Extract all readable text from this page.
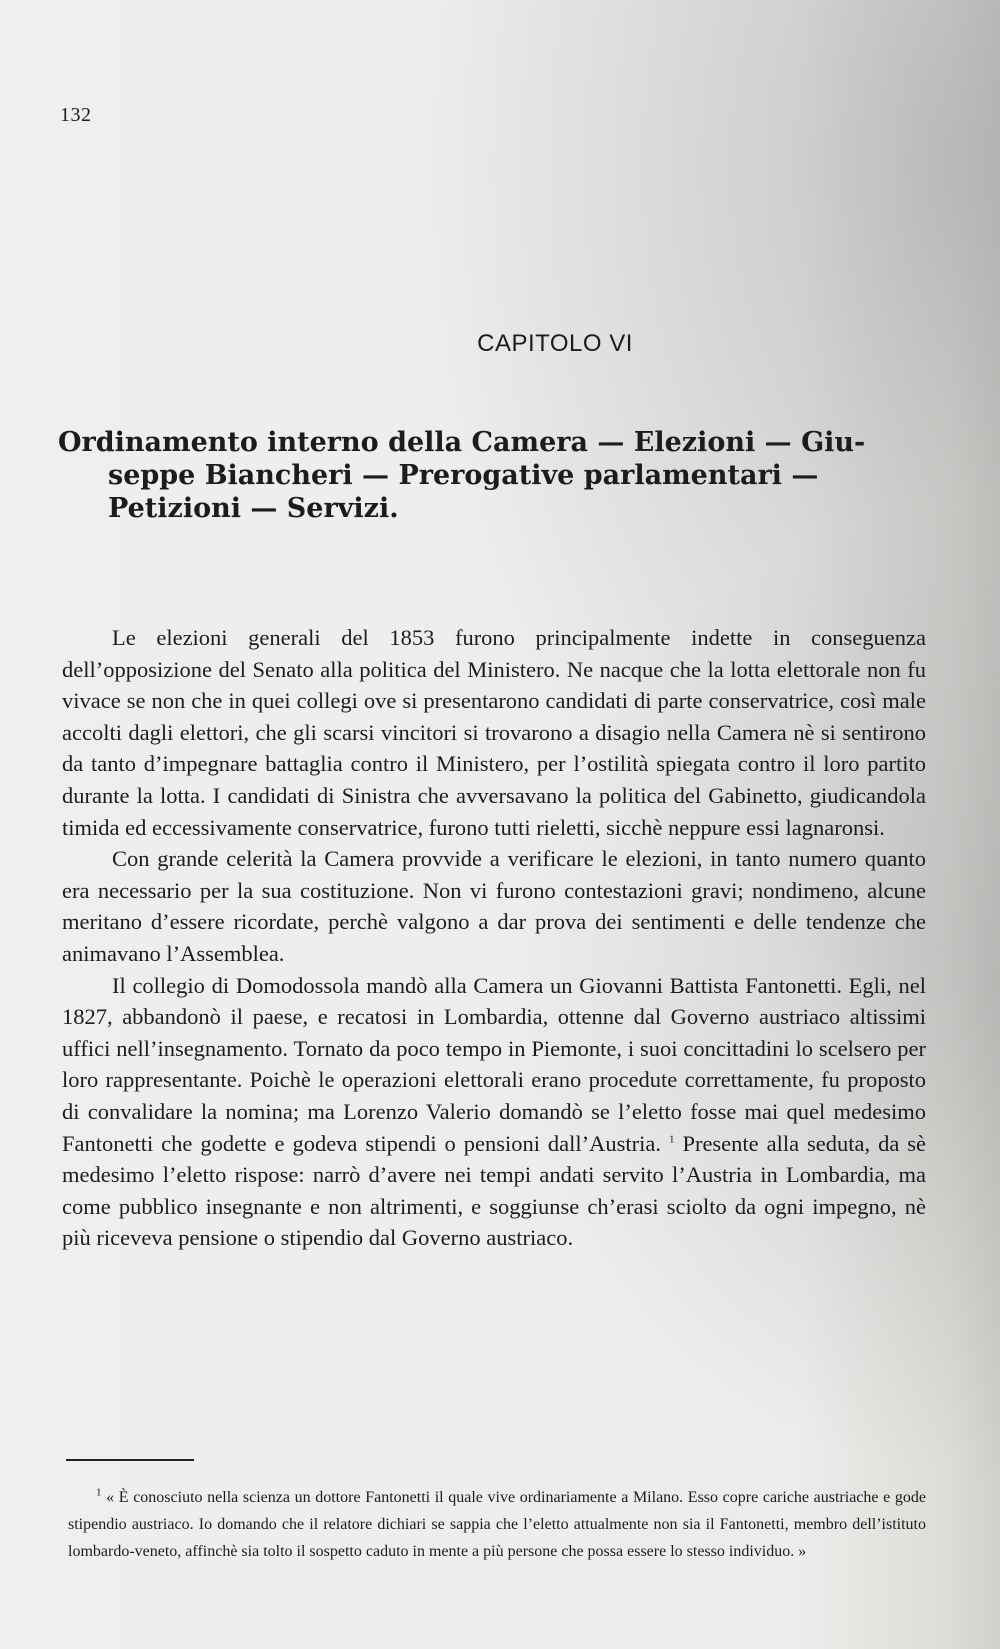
132
CAPITOLO VI
Ordinamento interno della Camera — Elezioni — Giu-
seppe Biancheri — Prerogative parlamentari —
Petizioni — Servizi.

Le elezioni generali del 1853 furono principalmente indette in conseguenza dell’opposizione del Senato alla politica del Ministero. Ne nacque che la lotta elettorale non fu vivace se non che in quei collegi ove si presentarono candidati di parte conservatrice, così male accolti dagli elettori, che gli scarsi vincitori si trovarono a disagio nella Camera nè si sentirono da tanto d’impegnare battaglia contro il Ministero, per l’ostilità spiegata contro il loro partito durante la lotta. I candidati di Sinistra che avversavano la politica del Gabinetto, giudicandola timida ed eccessivamente conservatrice, furono tutti rieletti, sicchè neppure essi lagnaronsi.

Con grande celerità la Camera provvide a verificare le elezioni, in tanto numero quanto era necessario per la sua costituzione. Non vi furono contestazioni gravi; nondimeno, alcune meritano d’essere ricordate, perchè valgono a dar prova dei sentimenti e delle tendenze che animavano l’Assemblea.

Il collegio di Domodossola mandò alla Camera un Giovanni Battista Fantonetti. Egli, nel 1827, abbandonò il paese, e recatosi in Lombardia, ottenne dal Governo austriaco altissimi uffici nell’insegnamento. Tornato da poco tempo in Piemonte, i suoi concittadini lo scelsero per loro rappresentante. Poichè le operazioni elettorali erano procedute correttamente, fu proposto di convalidare la nomina; ma Lorenzo Valerio domandò se l’eletto fosse mai quel medesimo Fantonetti che godette e godeva stipendi o pensioni dall’Austria. $^1$ Presente alla seduta, da sè medesimo l’eletto rispose: narrò d’avere nei tempi andati servito l’Austria in Lombardia, ma come pubblico insegnante e non altrimenti, e soggiunse ch’erasi sciolto da ogni impegno, nè più riceveva pensione o stipendio dal Governo austriaco.

$^1$ « È conosciuto nella scienza un dottore Fantonetti il quale vive ordinariamente a Milano. Esso copre cariche austriache e gode stipendio austriaco. Io domando che il relatore dichiari se sappia che l’eletto attualmente non sia il Fantonetti, membro dell’istituto lombardo-veneto, affinchè sia tolto il sospetto caduto in mente a più persone che possa essere lo stesso individuo. »
